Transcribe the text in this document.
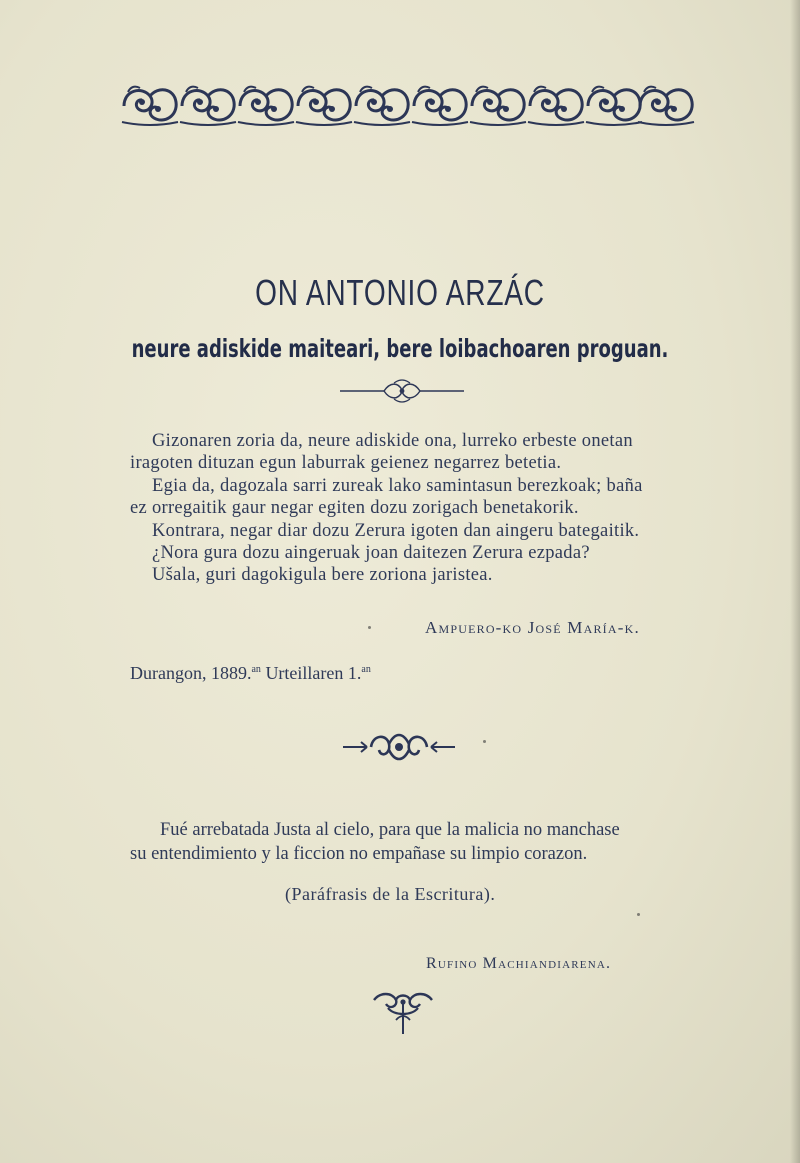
ON ANTONIO ARZÁC
neure adiskide maiteari, bere loibachoaren proguan.
Gizonaren zoria da, neure adiskide ona, lurreko erbeste onetan
iragoten dituzan egun laburrak geienez negarrez betetia.
Egia da, dagozala sarri zureak lako samintasun berezkoak; baña
ez orregaitik gaur negar egiten dozu zorigach benetakorik.
Kontrara, negar diar dozu Zerura igoten dan aingeru bategaitik.
¿Nora gura dozu aingeruak joan daitezen Zerura ezpada?
Ušala, guri dagokigula bere zoriona jaristea.
Ampuero-ko José María-k.
Durangon, 1889.$^{an}$ Urteillaren 1.$^{an}$
Fué arrebatada Justa al cielo, para que la malicia no manchase
su entendimiento y la ficcion no empañase su limpio corazon.
(Paráfrasis de la Escritura).
Rufino Machiandiarena.
